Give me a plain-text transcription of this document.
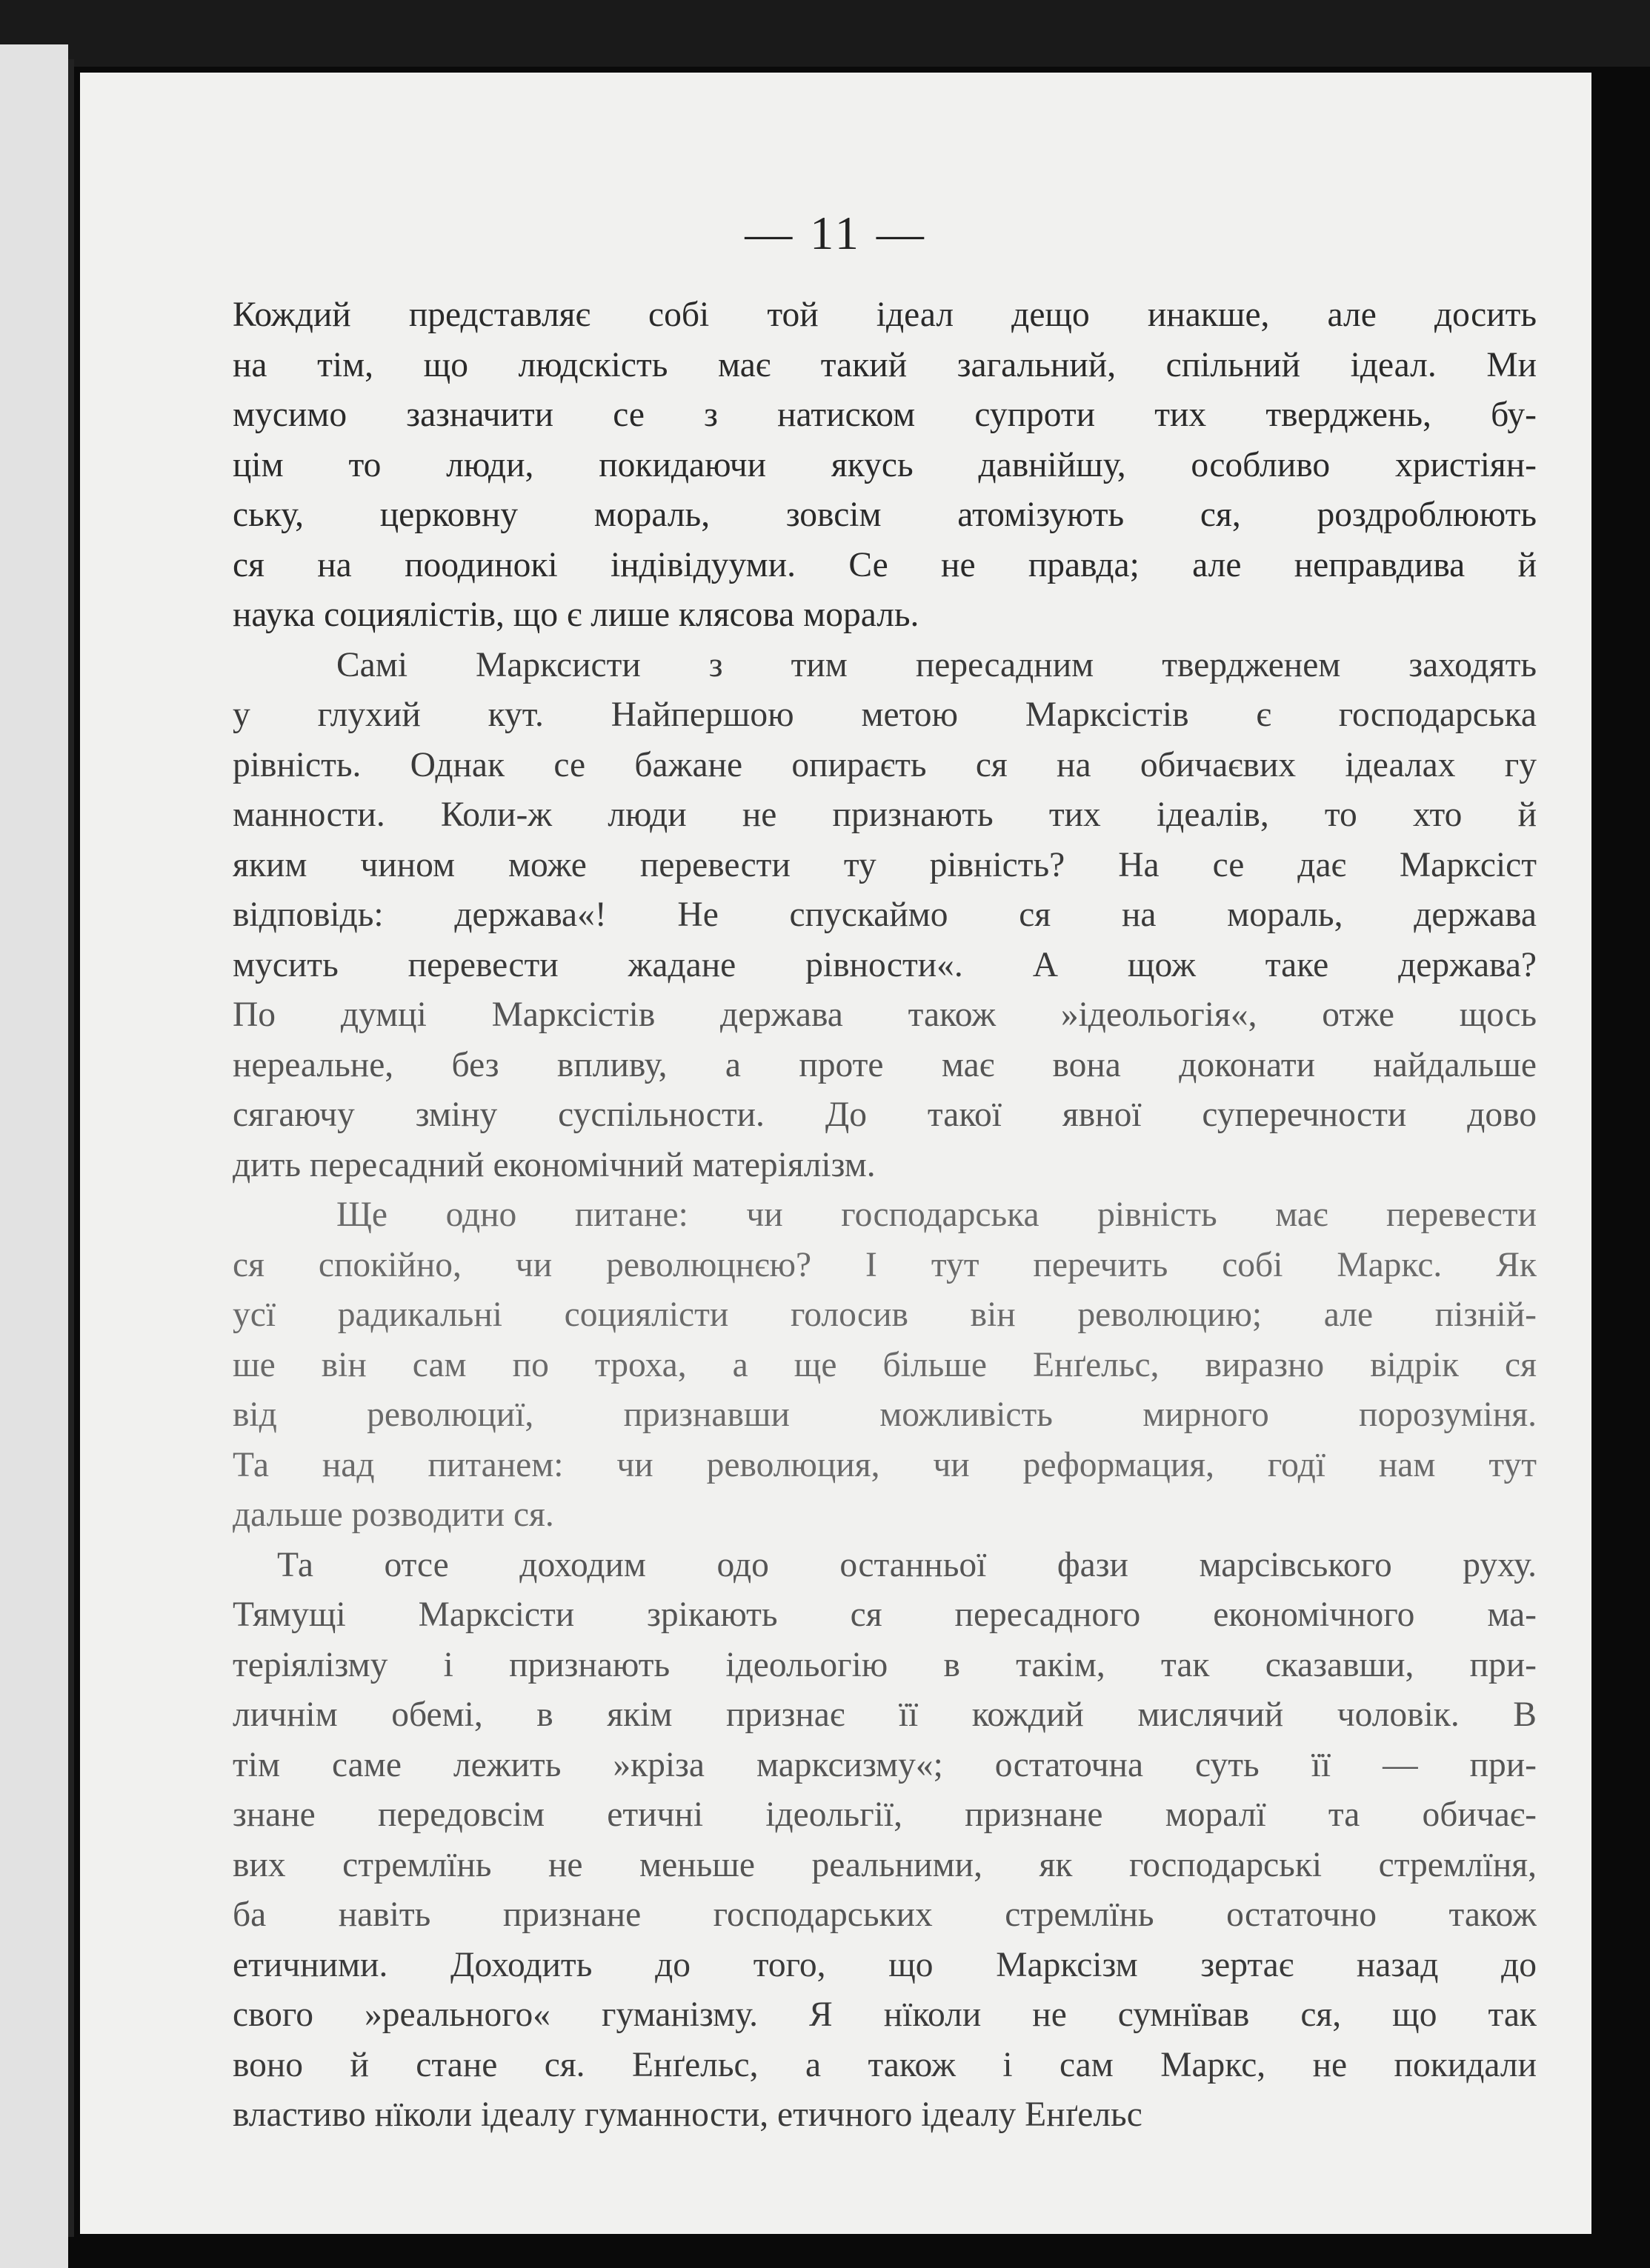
— 11 —
Кождий представляє собі той ідеал дещо инакше, але досить
на тім, що людскість має такий загальний, спільний ідеал. Ми
мусимо зазначити се з натиском супроти тих тверджень, бу-
цім то люди, покидаючи якусь давнійшу, особливо христіян-
ську, церковну мораль, зовсім атомізують ся, роздроблюють
ся на поодинокі індівідууми. Се не правда; але неправдива й
наука социялістів, що є лише клясова мораль.
Самі Марксисти з тим пересадним твердженем заходять
у глухий кут. Найпершою метою Марксістів є господарська
рівність. Однак се бажане опираєть ся на обичаєвих ідеалах гу
манности. Коли-ж люди не признають тих ідеалів, то хто й
яким чином може перевести ту рівність? На се дає Марксіст
відповідь: держава«! Не спускаймо ся на мораль, держава
мусить перевести жадане рівности«. А щож таке держава?
По думці Марксістів держава також »ідеольогія«, отже щось
нереальне, без впливу, а проте має вона доконати найдальше
сягаючу зміну суспільности. До такої явної суперечности дово
дить пересадний економічний матеріялізм.
Ще одно питане: чи господарська рівність має перевести
ся спокійно, чи революцнєю? І тут перечить собі Маркс. Як
усї радикальні социялісти голосив він революцию; але пізній-
ше він сам по троха, а ще більше Енґельс, виразно відрік ся
від революциї, признавши можливість мирного порозуміня.
Та над питанем: чи революция, чи реформация, годї нам тут
дальше розводити ся.
Та отсе доходим одо останньої фази марсівського руху.
Тямущі Марксісти зрікають ся пересадного економічного ма-
теріялізму і признають ідеольогію в такім, так сказавши, при-
личнім обемі, в якім признає її кождий мислячий чоловік. В
тім саме лежить »кріза марксизму«; остаточна суть її — при-
знане передовсім етичні ідеольгії, признане моралї та обичає-
вих стремлїнь не меньше реальними, як господарські стремлїня,
ба навіть признане господарських стремлїнь остаточно також
етичними. Доходить до того, що Марксізм зертає назад до
свого »реального« гуманізму. Я нїколи не сумнївав ся, що так
воно й стане ся. Енґельс, а також і сам Маркс, не покидали
властиво нїколи ідеалу гуманности, етичного ідеалу Енґельс
